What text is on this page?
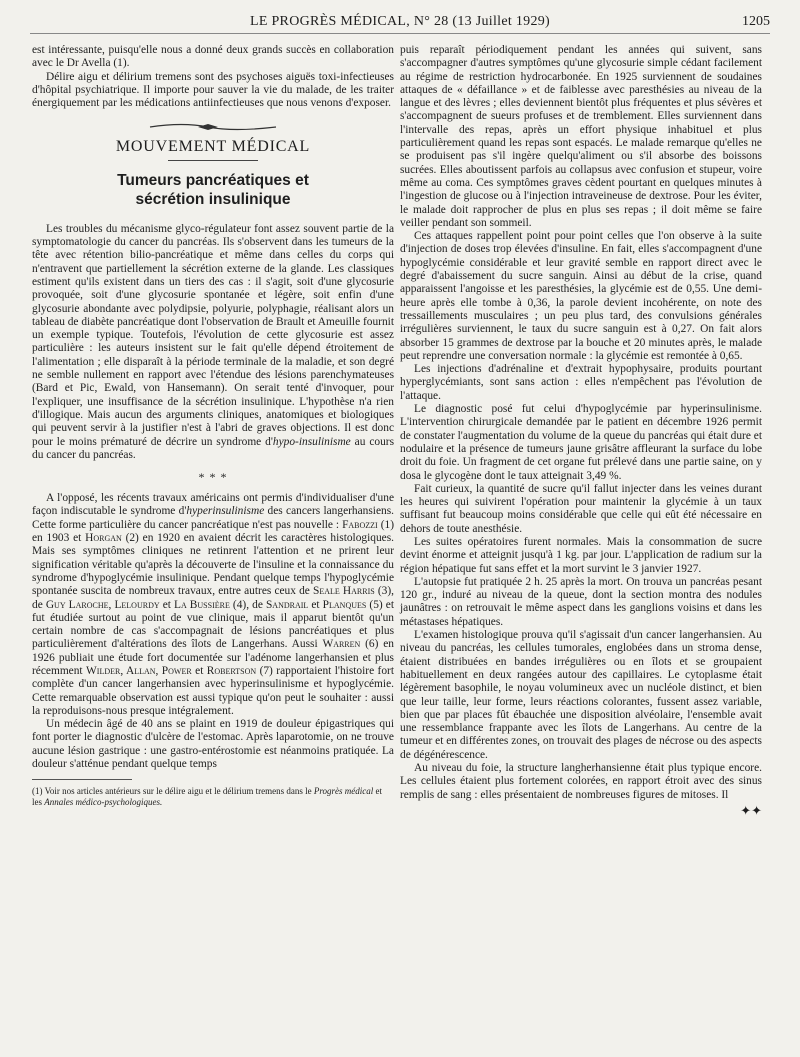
LE PROGRÈS MÉDICAL, N° 28 (13 Juillet 1929)	1205

est intéressante, puisqu'elle nous a donné deux grands succès en collaboration avec le Dr Avella (1).

Délire aigu et délirium tremens sont des psychoses aiguës toxi-infectieuses d'hôpital psychiatrique. Il importe pour sauver la vie du malade, de les traiter énergiquement par les médications antiinfectieuses que nous venons d'exposer.

MOUVEMENT MÉDICAL
Tumeurs pancréatiques et
sécrétion insulinique

Les troubles du mécanisme glyco-régulateur font assez souvent partie de la symptomatologie du cancer du pancréas. Ils s'observent dans les tumeurs de la tête avec rétention bilio-pancréatique et même dans celles du corps qui n'entravent que partiellement la sécrétion externe de la glande. Les classiques estiment qu'ils existent dans un tiers des cas : il s'agit, soit d'une glycosurie provoquée, soit d'une glycosurie spontanée et légère, soit enfin d'une glycosurie abondante avec polydipsie, polyurie, polyphagie, réalisant alors un tableau de diabète pancréatique dont l'observation de Brault et Ameuille fournit un exemple typique. Toutefois, l'évolution de cette glycosurie est assez particulière : les auteurs insistent sur le fait qu'elle dépend étroitement de l'alimentation ; elle disparaît à la période terminale de la maladie, et son degré ne semble nullement en rapport avec l'étendue des lésions parenchymateuses (Bard et Pic, Ewald, von Hansemann). On serait tenté d'invoquer, pour l'expliquer, une insuffisance de la sécrétion insulinique. L'hypothèse n'a rien d'illogique. Mais aucun des arguments cliniques, anatomiques et biologiques qui peuvent servir à la justifier n'est à l'abri de graves objections. Il est donc pour le moins prématuré de décrire un syndrome d'hypo-insulinisme au cours du cancer du pancréas.

* * *

A l'opposé, les récents travaux américains ont permis d'individualiser d'une façon indiscutable le syndrome d'hyperinsulinisme des cancers langerhansiens. Cette forme particulière du cancer pancréatique n'est pas nouvelle : Fabozzi (1) en 1903 et Horgan (2) en 1920 en avaient décrit les caractères histologiques. Mais ses symptômes cliniques ne retinrent l'attention et ne prirent leur signification véritable qu'après la découverte de l'insuline et la connaissance du syndrome d'hypoglycémie insulinique. Pendant quelque temps l'hypoglycémie spontanée suscita de nombreux travaux, entre autres ceux de Seale Harris (3), de Guy Laroche, Lelourdy et La Bussière (4), de Sandrail et Planques (5) et fut étudiée surtout au point de vue clinique, mais il apparut bientôt qu'un certain nombre de cas s'accompagnait de lésions pancréatiques et plus particulièrement d'altérations des îlots de Langerhans. Aussi Warren (6) en 1926 publiait une étude fort documentée sur l'adénome langerhansien et plus récemment Wilder, Allan, Power et Robertson (7) rapportaient l'histoire fort complète d'un cancer langerhansien avec hyperinsulinisme et hypoglycémie. Cette remarquable observation est aussi typique qu'on peut le souhaiter : aussi la reproduisons-nous presque intégralement.

Un médecin âgé de 40 ans se plaint en 1919 de douleur épigastriques qui font porter le diagnostic d'ulcère de l'estomac. Après laparotomie, on ne trouve aucune lésion gastrique : une gastro-entérostomie est néanmoins pratiquée. La douleur s'atténue pendant quelque temps

(1) Voir nos articles antérieurs sur le délire aigu et le délirium tremens dans le Progrès médical et les Annales médico-psychologiques.

puis reparaît périodiquement pendant les années qui suivent, sans s'accompagner d'autres symptômes qu'une glycosurie simple cédant facilement au régime de restriction hydrocarbonée. En 1925 surviennent de soudaines attaques de « défaillance » et de faiblesse avec paresthésies au niveau de la langue et des lèvres ; elles deviennent bientôt plus fréquentes et plus sévères et s'accompagnent de sueurs profuses et de tremblement. Elles surviennent dans l'intervalle des repas, après un effort physique inhabituel et plus particulièrement quand les repas sont espacés. Le malade remarque qu'elles ne se produisent pas s'il ingère quelqu'aliment ou s'il absorbe des boissons sucrées. Elles aboutissent parfois au collapsus avec confusion et stupeur, voire même au coma. Ces symptômes graves cèdent pourtant en quelques minutes à l'ingestion de glucose ou à l'injection intraveineuse de dextrose. Pour les éviter, le malade doit rapprocher de plus en plus ses repas ; il doit même se faire veiller pendant son sommeil.

Ces attaques rappellent point pour point celles que l'on observe à la suite d'injection de doses trop élevées d'insuline. En fait, elles s'accompagnent d'une hypoglycémie considérable et leur gravité semble en rapport direct avec le degré d'abaissement du sucre sanguin. Ainsi au début de la crise, quand apparaissent l'angoisse et les paresthésies, la glycémie est de 0,55. Une demi-heure après elle tombe à 0,36, la parole devient incohérente, on note des tressaillements musculaires ; un peu plus tard, des convulsions générales irrégulières surviennent, le taux du sucre sanguin est à 0,27. On fait alors absorber 15 grammes de dextrose par la bouche et 20 minutes après, le malade peut reprendre une conversation normale : la glycémie est remontée à 0,65.

Les injections d'adrénaline et d'extrait hypophysaire, produits pourtant hyperglycémiants, sont sans action : elles n'empêchent pas l'évolution de l'attaque.

Le diagnostic posé fut celui d'hypoglycémie par hyperinsulinisme. L'intervention chirurgicale demandée par le patient en décembre 1926 permit de constater l'augmentation du volume de la queue du pancréas qui était dure et nodulaire et la présence de tumeurs jaune grisâtre affleurant la surface du lobe droit du foie. Un fragment de cet organe fut prélevé dans une partie saine, on y dosa le glycogène dont le taux atteignait 3,49 %.

Fait curieux, la quantité de sucre qu'il fallut injecter dans les veines durant les heures qui suivirent l'opération pour maintenir la glycémie à un taux suffisant fut beaucoup moins considérable que celle qui eût été nécessaire en dehors de toute anesthésie.

Les suites opératoires furent normales. Mais la consommation de sucre devint énorme et atteignit jusqu'à 1 kg. par jour. L'application de radium sur la région hépatique fut sans effet et la mort survint le 3 janvier 1927.

L'autopsie fut pratiquée 2 h. 25 après la mort. On trouva un pancréas pesant 120 gr., induré au niveau de la queue, dont la section montra des nodules jaunâtres : on retrouvait le même aspect dans les ganglions voisins et dans les métastases hépatiques.

L'examen histologique prouva qu'il s'agissait d'un cancer langerhansien. Au niveau du pancréas, les cellules tumorales, englobées dans un stroma dense, étaient distribuées en bandes irrégulières ou en îlots et se groupaient habituellement en deux rangées autour des capillaires. Le cytoplasme était légèrement basophile, le noyau volumineux avec un nucléole distinct, et bien que leur taille, leur forme, leurs réactions colorantes, fussent assez variable, bien que par places fût ébauchée une disposition alvéolaire, l'ensemble avait une ressemblance frappante avec les îlots de Langerhans. Au centre de la tumeur et en différentes zones, on trouvait des plages de nécrose ou des aspects de dégénérescence.

Au niveau du foie, la structure langherhansienne était plus typique encore. Les cellules étaient plus fortement colorées, en rapport étroit avec des sinus remplis de sang : elles présentaient de nombreuses figures de mitoses. Il

✦✦
